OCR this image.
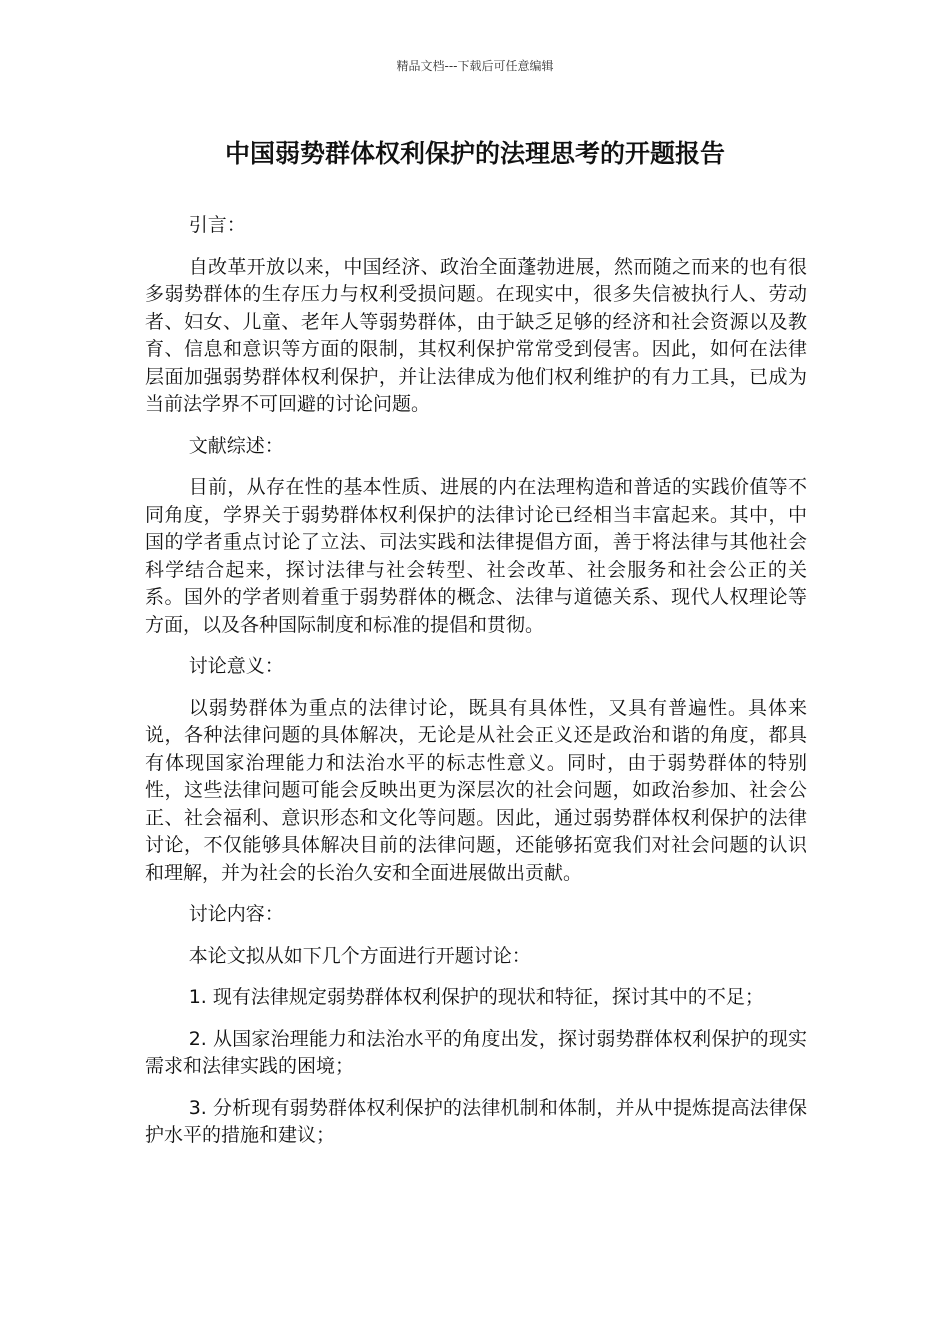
精品文档---下载后可任意编辑
中国弱势群体权利保护的法理思考的开题报告

引言：

自改革开放以来，中国经济、政治全面蓬勃进展，然而随之而来的也有很多弱势群体的生存压力与权利受损问题。在现实中，很多失信被执行人、劳动者、妇女、儿童、老年人等弱势群体，由于缺乏足够的经济和社会资源以及教育、信息和意识等方面的限制，其权利保护常常受到侵害。因此，如何在法律层面加强弱势群体权利保护，并让法律成为他们权利维护的有力工具，已成为当前法学界不可回避的讨论问题。

文献综述：

目前，从存在性的基本性质、进展的内在法理构造和普适的实践价值等不同角度，学界关于弱势群体权利保护的法律讨论已经相当丰富起来。其中，中国的学者重点讨论了立法、司法实践和法律提倡方面，善于将法律与其他社会科学结合起来，探讨法律与社会转型、社会改革、社会服务和社会公正的关系。国外的学者则着重于弱势群体的概念、法律与道德关系、现代人权理论等方面，以及各种国际制度和标准的提倡和贯彻。

讨论意义：

以弱势群体为重点的法律讨论，既具有具体性，又具有普遍性。具体来说，各种法律问题的具体解决，无论是从社会正义还是政治和谐的角度，都具有体现国家治理能力和法治水平的标志性意义。同时，由于弱势群体的特别性，这些法律问题可能会反映出更为深层次的社会问题，如政治参加、社会公正、社会福利、意识形态和文化等问题。因此，通过弱势群体权利保护的法律讨论，不仅能够具体解决目前的法律问题，还能够拓宽我们对社会问题的认识和理解，并为社会的长治久安和全面进展做出贡献。

讨论内容：

本论文拟从如下几个方面进行开题讨论：

1. 现有法律规定弱势群体权利保护的现状和特征，探讨其中的不足；

2. 从国家治理能力和法治水平的角度出发，探讨弱势群体权利保护的现实需求和法律实践的困境；

3. 分析现有弱势群体权利保护的法律机制和体制，并从中提炼提高法律保护水平的措施和建议；
